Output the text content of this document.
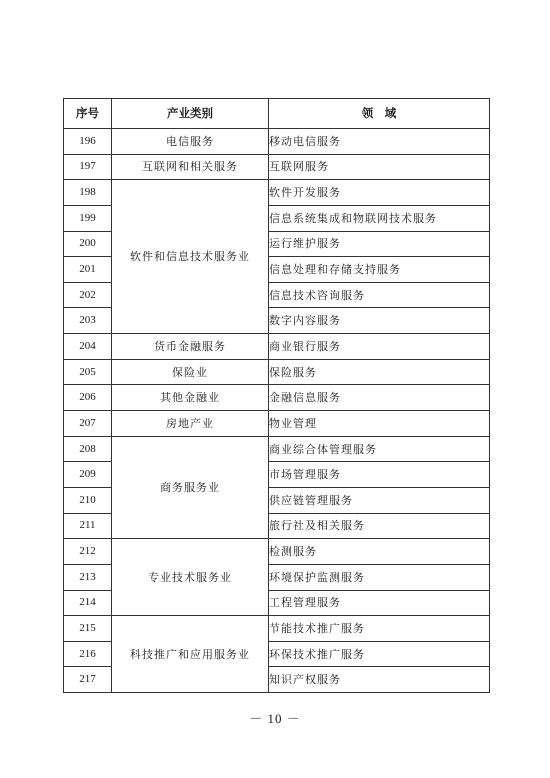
序号	产业类别	领　域
196	电信服务	移动电信服务
197	互联网和相关服务	互联网服务
198	软件和信息技术服务业	软件开发服务
199		信息系统集成和物联网技术服务
200		运行维护服务
201		信息处理和存储支持服务
202		信息技术咨询服务
203		数字内容服务
204	货币金融服务	商业银行服务
205	保险业	保险服务
206	其他金融业	金融信息服务
207	房地产业	物业管理
208	商务服务业	商业综合体管理服务
209		市场管理服务
210		供应链管理服务
211		旅行社及相关服务
212	专业技术服务业	检测服务
213		环境保护监测服务
214		工程管理服务
215	科技推广和应用服务业	节能技术推广服务
216		环保技术推广服务
217		知识产权服务
－ 10 －
